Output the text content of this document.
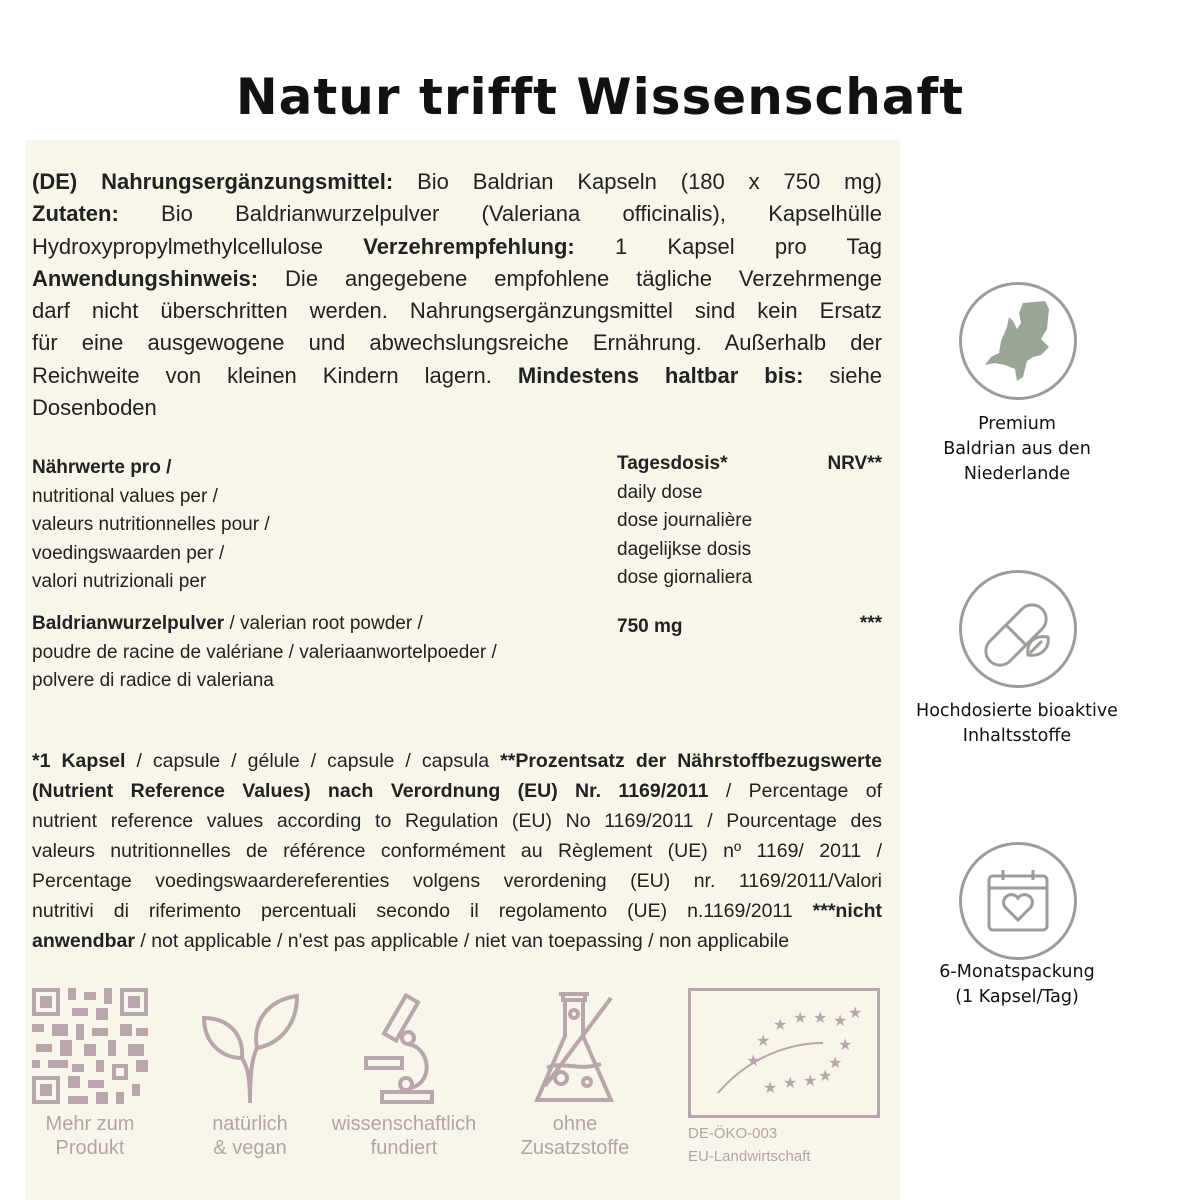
Natur trifft Wissenschaft
(DE) Nahrungsergänzungsmittel: Bio Baldrian Kapseln (180 x 750 mg)
Zutaten: Bio Baldrianwurzelpulver (Valeriana officinalis), Kapselhülle
Hydroxypropylmethylcellulose Verzehrempfehlung: 1 Kapsel pro Tag
Anwendungshinweis: Die angegebene empfohlene tägliche Verzehrmenge
darf nicht überschritten werden. Nahrungsergänzungsmittel sind kein Ersatz
für eine ausgewogene und abwechslungsreiche Ernährung. Außerhalb der
Reichweite von kleinen Kindern lagern. Mindestens haltbar bis: siehe
Dosenboden
Nährwerte pro /
nutritional values per /
valeurs nutritionnelles pour /
voedingswaarden per /
valori nutrizionali per
Tagesdosis*
daily dose
dose journalière
dagelijkse dosis
dose giornaliera
NRV**
Baldrianwurzelpulver / valerian root powder /
poudre de racine de valériane / valeriaanwortelpoeder /
polvere di radice di valeriana
750 mg	***
*1 Kapsel / capsule / gélule / capsule / capsula **Prozentsatz der Nährstoffbezugswerte
(Nutrient Reference Values) nach Verordnung (EU) Nr. 1169/2011 / Percentage of
nutrient reference values according to Regulation (EU) No 1169/2011 / Pourcentage des
valeurs nutritionnelles de référence conformément au Règlement (UE) nº 1169/ 2011 /
Percentage voedingswaardereferenties volgens verordening (EU) nr. 1169/2011/Valori
nutritivi di riferimento percentuali secondo il regolamento (UE) n.1169/2011 ***nicht
anwendbar / not applicable / n'est pas applicable / niet van toepassing / non applicabile
Mehr zum
Produkt
natürlich
& vegan
wissenschaftlich
fundiert
ohne
Zusatzstoffe
★ ★ ★ ★ ★
★
★
★
★
★ ★ ★ ★
DE-ÖKO-003
EU-Landwirtschaft
Premium
Baldrian aus den
Niederlande
Hochdosierte bioaktive
Inhaltsstoffe
6-Monatspackung
(1 Kapsel/Tag)
